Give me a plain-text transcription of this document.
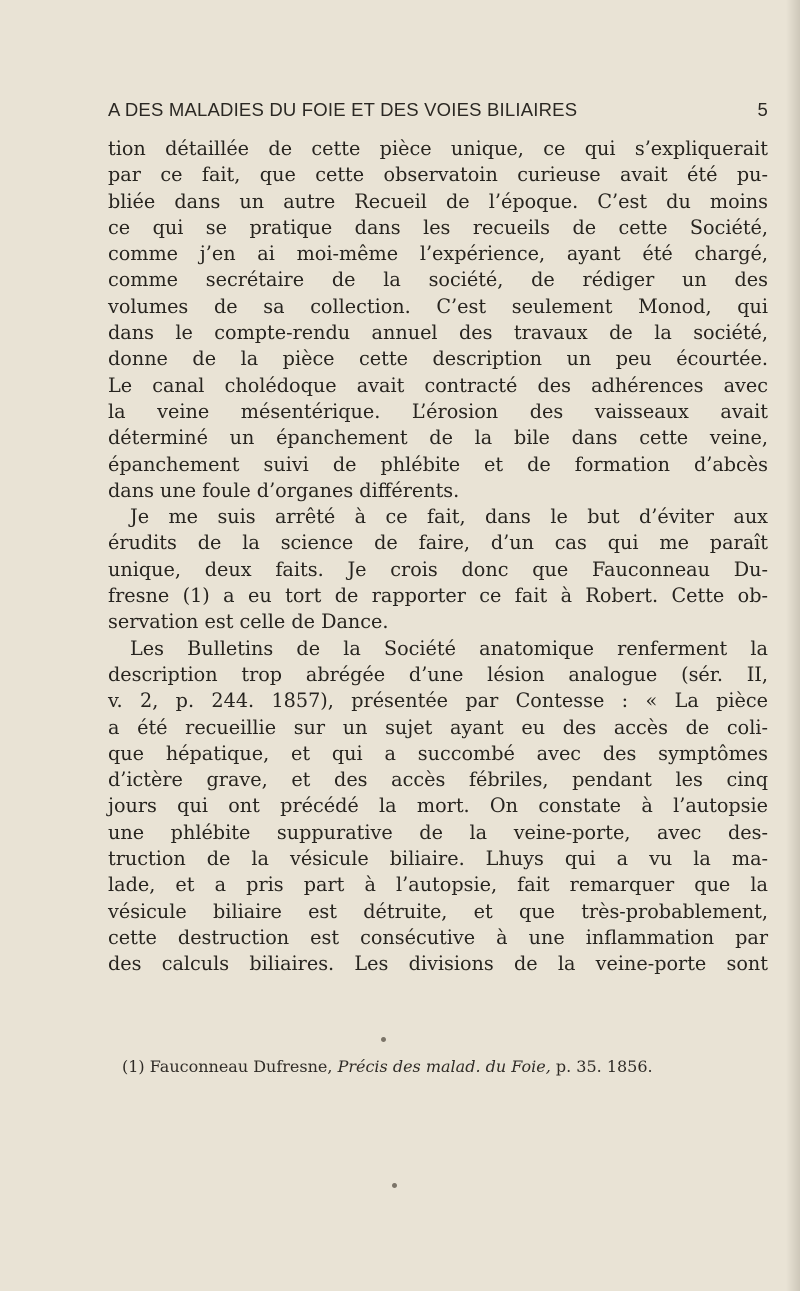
A DES MALADIES DU FOIE ET DES VOIES BILIAIRES	5
tion détaillée de cette pièce unique, ce qui s’expliquerait
par ce fait, que cette observatoin curieuse avait été pu-
bliée dans un autre Recueil de l’époque. C’est du moins
ce qui se pratique dans les recueils de cette Société,
comme j’en ai moi-même l’expérience, ayant été chargé,
comme secrétaire de la société, de rédiger un des
volumes de sa collection. C’est seulement Monod, qui
dans le compte-rendu annuel des travaux de la société,
donne de la pièce cette description un peu écourtée.
Le canal cholédoque avait contracté des adhérences avec
la veine mésentérique. L’érosion des vaisseaux avait
déterminé un épanchement de la bile dans cette veine,
épanchement suivi de phlébite et de formation d’abcès
dans une foule d’organes différents.
Je me suis arrêté à ce fait, dans le but d’éviter aux
érudits de la science de faire, d’un cas qui me paraît
unique, deux faits. Je crois donc que Fauconneau Du-
fresne (1) a eu tort de rapporter ce fait à Robert. Cette ob-
servation est celle de Dance.
Les Bulletins de la Société anatomique renferment la
description trop abrégée d’une lésion analogue (sér. II,
v. 2, p. 244. 1857), présentée par Contesse : « La pièce
a été recueillie sur un sujet ayant eu des accès de coli-
que hépatique, et qui a succombé avec des symptômes
d’ictère grave, et des accès fébriles, pendant les cinq
jours qui ont précédé la mort. On constate à l’autopsie
une phlébite suppurative de la veine-porte, avec des-
truction de la vésicule biliaire. Lhuys qui a vu la ma-
lade, et a pris part à l’autopsie, fait remarquer que la
vésicule biliaire est détruite, et que très-probablement,
cette destruction est consécutive à une inflammation par
des calculs biliaires. Les divisions de la veine-porte sont
(1) Fauconneau Dufresne, Précis des malad. du Foie, p. 35. 1856.
